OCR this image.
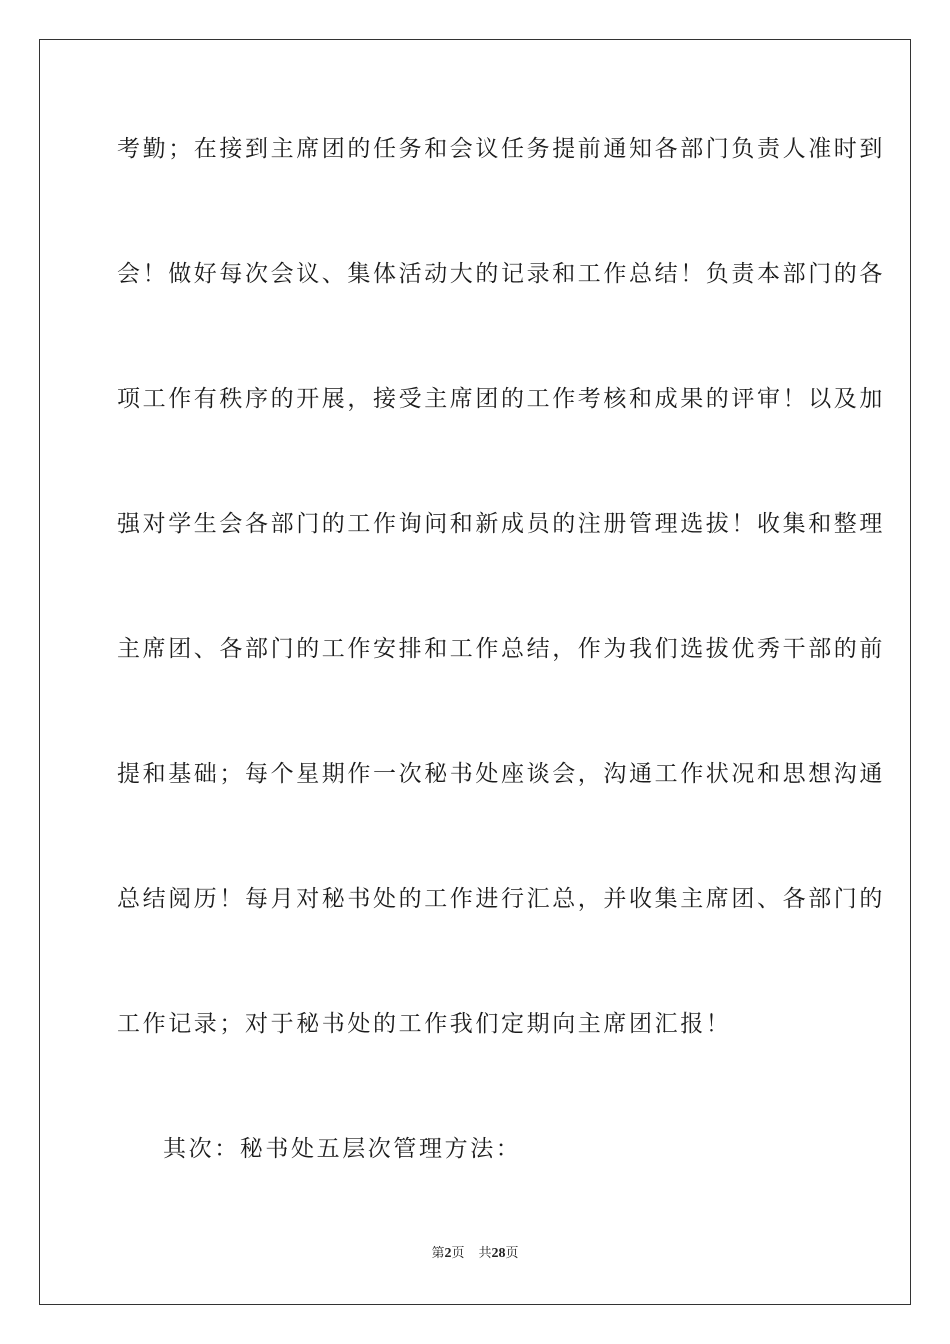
考勤；在接到主席团的任务和会议任务提前通知各部门负责人准时到
会！做好每次会议、集体活动大的记录和工作总结！负责本部门的各
项工作有秩序的开展，接受主席团的工作考核和成果的评审！以及加
强对学生会各部门的工作询问和新成员的注册管理选拔！收集和整理
主席团、各部门的工作安排和工作总结，作为我们选拔优秀干部的前
提和基础；每个星期作一次秘书处座谈会，沟通工作状况和思想沟通
总结阅历！每月对秘书处的工作进行汇总，并收集主席团、各部门的
工作记录；对于秘书处的工作我们定期向主席团汇报！
其次：秘书处五层次管理方法：
第2页 共28页
